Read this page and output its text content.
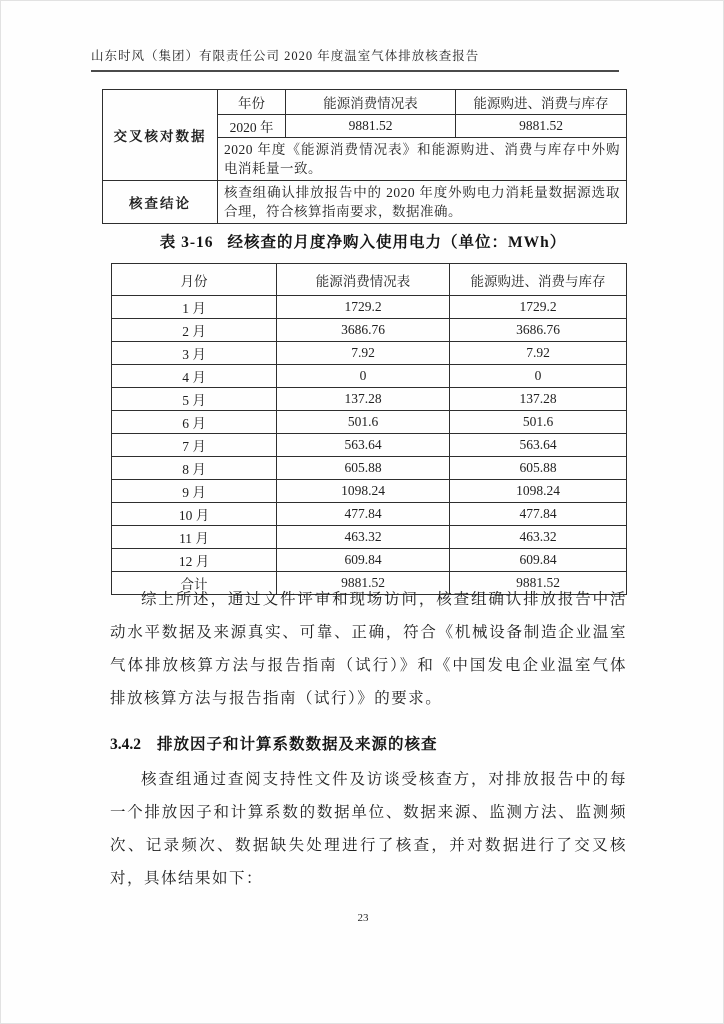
山东时风（集团）有限责任公司 2020 年度温室气体排放核查报告
交叉核对数据	年份	能源消费情况表	能源购进、消费与库存
	2020 年	9881.52	9881.52
	2020 年度《能源消费情况表》和能源购进、消费与库存中外购电消耗量一致。		
核查结论	核查组确认排放报告中的 2020 年度外购电力消耗量数据源选取合理，符合核算指南要求，数据准确。		
表 3-16 经核查的月度净购入使用电力（单位：MWh）
月份	能源消费情况表	能源购进、消费与库存
1 月	1729.2	1729.2
2 月	3686.76	3686.76
3 月	7.92	7.92
4 月	0	0
5 月	137.28	137.28
6 月	501.6	501.6
7 月	563.64	563.64
8 月	605.88	605.88
9 月	1098.24	1098.24
10 月	477.84	477.84
11 月	463.32	463.32
12 月	609.84	609.84
合计	9881.52	9881.52

综上所述，通过文件评审和现场访问，核查组确认排放报告中活动水平数据及来源真实、可靠、正确，符合《机械设备制造企业温室气体排放核算方法与报告指南（试行）》和《中国发电企业温室气体排放核算方法与报告指南（试行）》的要求。

3.4.2 排放因子和计算系数数据及来源的核查

核查组通过查阅支持性文件及访谈受核查方，对排放报告中的每一个排放因子和计算系数的数据单位、数据来源、监测方法、监测频次、记录频次、数据缺失处理进行了核查，并对数据进行了交叉核对，具体结果如下：

23
